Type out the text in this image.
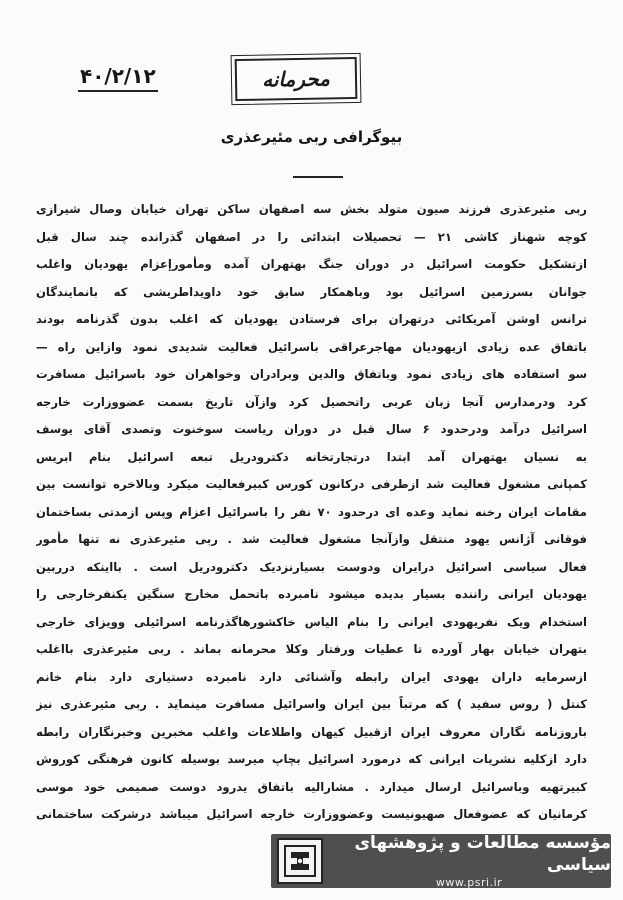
۴۰/۲/۱۲	محرمانه
بیوگرافی ربی مئیرعذری
ربی مئیرعذری فرزند صیون متولد بخش سه اصفهان ساکن تهران خیابان وصال شیرازی
کوچه شهناز کاشی ۲۱ — تحصیلات ابتدائی را در اصفهان گذرانده چند سال قبل
ازتشکیل حکومت اسرائیل در دوران جنگ بهتهران آمده ومأمورإعزام یهودیان واغلب
جوانان بسرزمین اسرائیل بود وباهمکار سابق خود داویداطریشی که بانمایندگان
ترانس اوشن آمریکائی درتهران برای فرستادن یهودیان که اغلب بدون گذرنامه بودند
باتفاق عده زیادی ازیهودیان مهاجرعراقی باسرائیل فعالیت شدیدی نمود وازاین راه —
سو استفاده های زیادی نمود وباتفاق والدین وبرادران وخواهران خود باسرائیل مسافرت
کرد ودرمدارس آنجا زبان عربی راتحصیل کرد وازآن تاریخ بسمت عضووزارت خارجه
اسرائیل درآمد ودرحدود ۶ سال قبل در دوران ریاست سوخنوت وتصدی آقای یوسف
به نسیان بهتهران آمد ابتدا درتجارتخانه دکترودریل تبعه اسرائیل بنام ابریس
کمپانی مشغول فعالیت شد ازطرفی درکانون کورس کبیرفعالیت میکرد وبالاخره توانست بین
مقامات ایران رخنه نماید وعده ای درحدود ۷۰ نفر را باسرائیل اعزام وپس ازمدتی بساختمان
فوقانی آژانس یهود منتقل وازآنجا مشغول فعالیت شد . ربی مئیرعذری نه تنها مأمور
فعال سیاسی اسرائیل درایران ودوست بسیارنزدیک دکترودریل است . بااینکه درربین
یهودیان ایرانی راننده بسیار بدیده میشود نامبرده باتحمل مخارج سنگین یکنفرخارجی را
استخدام ویک نفریهودی ایرانی را بنام الیاس خاکشورهاگذرنامه اسرائیلی وویزای خارجی
بتهران خیابان بهار آورده تا عطیات ورفتار وکلا محرمانه بماند . ربی مئیرعذری بااغلب
ازسرمایه داران یهودی ایران رابطه وآشنائی دارد نامبرده دستیاری دارد بنام خانم
کنتل ( روس سفید ) که مرتباً بین ایران واسرائیل مسافرت مینماید . ربی مئیرعذری نیز
باروزنامه نگاران معروف ایران ازقبیل کیهان واطلاعات واغلب مخبرین وخبرنگاران رابطه
دارد ازکلیه نشریات ایرانی که درمورد اسرائیل بچاپ میرسد بوسیله کانون فرهنگی کوروش
کبیرتهیه وباسرائیل ارسال میدارد . مشارالیه باتفاق یدرود دوست صمیمی خود موسی
کرمانیان که عضوفعال صهیونیست وعضووزارت خارجه اسرائیل میباشد درشرکت ساختمانی
مؤسسه مطالعات و پژوهشهای سیاسی
www.psri.ir
